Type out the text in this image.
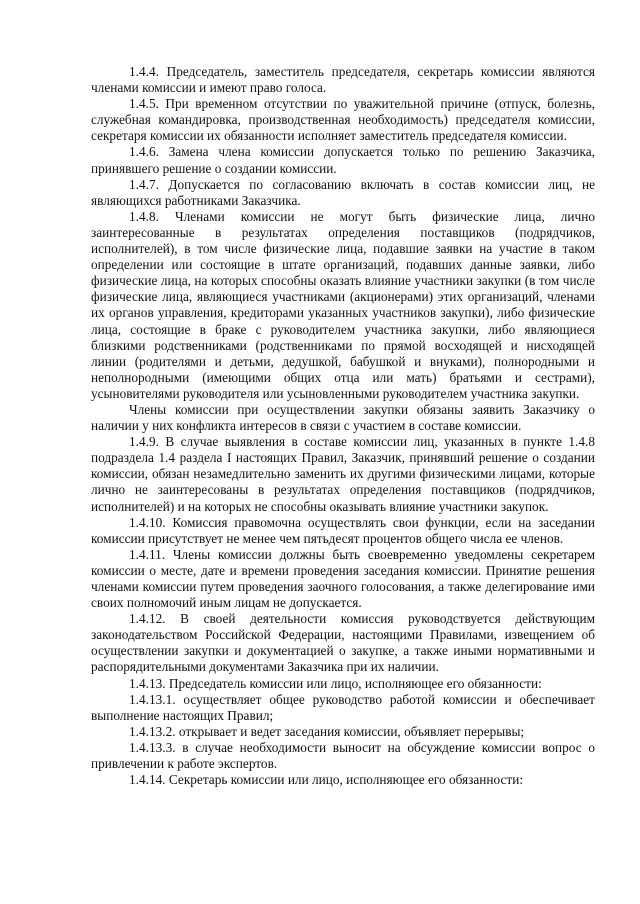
1.4.4. Председатель, заместитель председателя, секретарь комиссии являются членами комиссии и имеют право голоса.

1.4.5. При временном отсутствии по уважительной причине (отпуск, болезнь, служебная командировка, производственная необходимость) председателя комиссии, секретаря комиссии их обязанности исполняет заместитель председателя комиссии.

1.4.6. Замена члена комиссии допускается только по решению Заказчика, принявшего решение о создании комиссии.

1.4.7. Допускается по согласованию включать в состав комиссии лиц, не являющихся работниками Заказчика.

1.4.8. Членами комиссии не могут быть физические лица, лично заинтересованные в результатах определения поставщиков (подрядчиков, исполнителей), в том числе физические лица, подавшие заявки на участие в таком определении или состоящие в штате организаций, подавших данные заявки, либо физические лица, на которых способны оказать влияние участники закупки (в том числе физические лица, являющиеся участниками (акционерами) этих организаций, членами их органов управления, кредиторами указанных участников закупки), либо физические лица, состоящие в браке с руководителем участника закупки, либо являющиеся близкими родственниками (родственниками по прямой восходящей и нисходящей линии (родителями и детьми, дедушкой, бабушкой и внуками), полнородными и неполнородными (имеющими общих отца или мать) братьями и сестрами), усыновителями руководителя или усыновленными руководителем участника закупки.

Члены комиссии при осуществлении закупки обязаны заявить Заказчику о наличии у них конфликта интересов в связи с участием в составе комиссии.

1.4.9. В случае выявления в составе комиссии лиц, указанных в пункте 1.4.8 подраздела 1.4 раздела I настоящих Правил, Заказчик, принявший решение о создании комиссии, обязан незамедлительно заменить их другими физическими лицами, которые лично не заинтересованы в результатах определения поставщиков (подрядчиков, исполнителей) и на которых не способны оказывать влияние участники закупок.

1.4.10. Комиссия правомочна осуществлять свои функции, если на заседании комиссии присутствует не менее чем пятьдесят процентов общего числа ее членов.

1.4.11. Члены комиссии должны быть своевременно уведомлены секретарем комиссии о месте, дате и времени проведения заседания комиссии. Принятие решения членами комиссии путем проведения заочного голосования, а также делегирование ими своих полномочий иным лицам не допускается.

1.4.12. В своей деятельности комиссия руководствуется действующим законодательством Российской Федерации, настоящими Правилами, извещением об осуществлении закупки и документацией о закупке, а также иными нормативными и распорядительными документами Заказчика при их наличии.

1.4.13. Председатель комиссии или лицо, исполняющее его обязанности:

1.4.13.1. осуществляет общее руководство работой комиссии и обеспечивает выполнение настоящих Правил;

1.4.13.2. открывает и ведет заседания комиссии, объявляет перерывы;

1.4.13.3. в случае необходимости выносит на обсуждение комиссии вопрос о привлечении к работе экспертов.

1.4.14. Секретарь комиссии или лицо, исполняющее его обязанности:
